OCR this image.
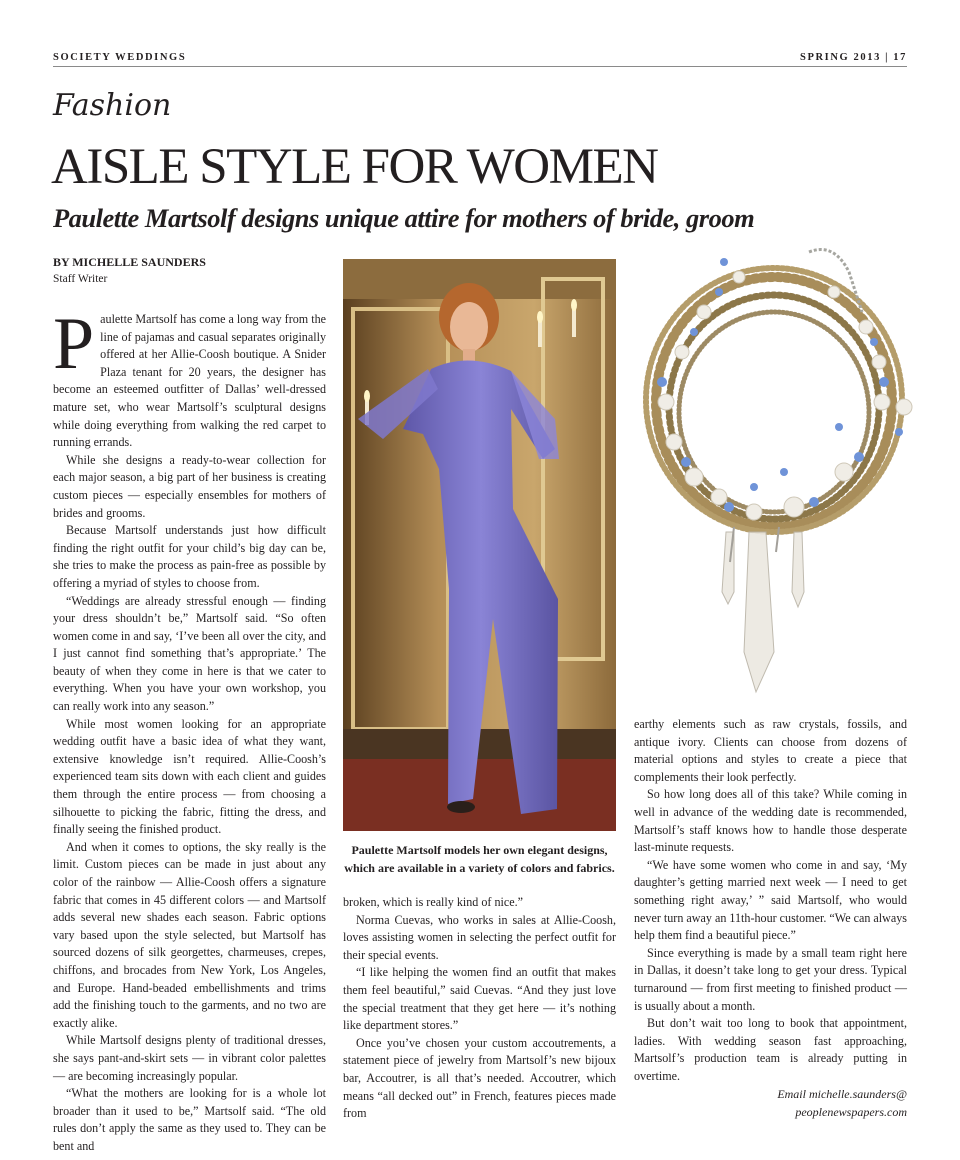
SOCIETY WEDDINGS	SPRING 2013 | 17
Fashion
AISLE STYLE FOR WOMEN
Paulette Martsolf designs unique attire for mothers of bride, groom
BY MICHELLE SAUNDERS
Staff Writer

Paulette Martsolf has come a long way from the line of pajamas and casual separates originally offered at her Allie-Coosh boutique. A Snider Plaza tenant for 20 years, the designer has become an esteemed outfitter of Dallas’ well-dressed mature set, who wear Martsolf’s sculptural designs while doing everything from walking the red carpet to running errands.

While she designs a ready-to-wear collection for each major season, a big part of her business is creating custom pieces — especially ensembles for mothers of brides and grooms.

Because Martsolf understands just how difficult finding the right outfit for your child’s big day can be, she tries to make the process as pain-free as possible by offering a myriad of styles to choose from.

“Weddings are already stressful enough — finding your dress shouldn’t be,” Martsolf said. “So often women come in and say, ‘I’ve been all over the city, and I just cannot find something that’s appropriate.’ The beauty of when they come in here is that we cater to everything. When you have your own workshop, you can really work into any season.”

While most women looking for an appropriate wedding outfit have a basic idea of what they want, extensive knowledge isn’t required. Allie-Coosh’s experienced team sits down with each client and guides them through the entire process — from choosing a silhouette to picking the fabric, fitting the dress, and finally seeing the finished product.

And when it comes to options, the sky really is the limit. Custom pieces can be made in just about any color of the rainbow — Allie-Coosh offers a signature fabric that comes in 45 different colors — and Martsolf adds several new shades each season. Fabric options vary based upon the style selected, but Martsolf has sourced dozens of silk georgettes, charmeuses, crepes, chiffons, and brocades from New York, Los Angeles, and Europe. Hand-beaded embellishments and trims add the finishing touch to the garments, and no two are exactly alike.

While Martsolf designs plenty of traditional dresses, she says pant-and-skirt sets — in vibrant color palettes — are becoming increasingly popular.

“What the mothers are looking for is a whole lot broader than it used to be,” Martsolf said. “The old rules don’t apply the same as they used to. They can be bent and

Paulette Martsolf models her own elegant designs, which are available in a variety of colors and fabrics.

broken, which is really kind of nice.”

Norma Cuevas, who works in sales at Allie-Coosh, loves assisting women in selecting the perfect outfit for their special events.

“I like helping the women find an outfit that makes them feel beautiful,” said Cuevas. “And they just love the special treatment that they get here — it’s nothing like department stores.”

Once you’ve chosen your custom accoutrements, a statement piece of jewelry from Martsolf’s new bijoux bar, Accoutrer, is all that’s needed. Accoutrer, which means “all decked out” in French, features pieces made from

earthy elements such as raw crystals, fossils, and antique ivory. Clients can choose from dozens of material options and styles to create a piece that complements their look perfectly.

So how long does all of this take? While coming in well in advance of the wedding date is recommended, Martsolf’s staff knows how to handle those desperate last-minute requests.

“We have some women who come in and say, ‘My daughter’s getting married next week — I need to get something right away,’ ” said Martsolf, who would never turn away an 11th-hour customer. “We can always help them find a beautiful piece.”

Since everything is made by a small team right here in Dallas, it doesn’t take long to get your dress. Typical turnaround — from first meeting to finished product — is usually about a month.

But don’t wait too long to book that appointment, ladies. With wedding season fast approaching, Martsolf’s production team is already putting in overtime.

Email michelle.saunders@
peoplenewspapers.com
